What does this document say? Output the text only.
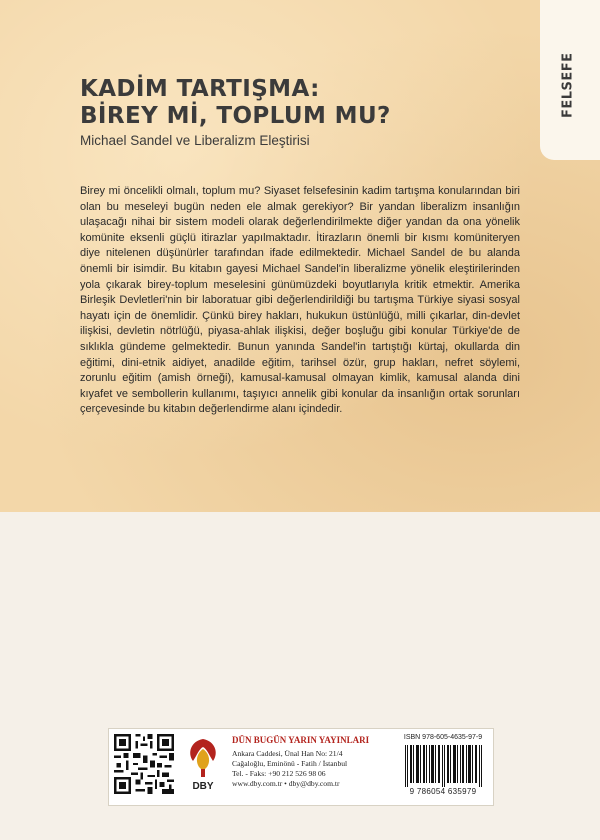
FELSEFE
KADİM TARTIŞMA:
BİREY Mİ, TOPLUM MU?
Michael Sandel ve Liberalizm Eleştirisi
Birey mi öncelikli olmalı, toplum mu? Siyaset felsefesinin kadim tartışma konularından biri olan bu meseleyi bugün neden ele almak gerekiyor? Bir yandan liberalizm insanlığın ulaşacağı nihai bir sistem modeli olarak değerlendirilmekte diğer yandan da ona yönelik komünite eksenli güçlü itirazlar yapılmaktadır. İtirazların önemli bir kısmı komüniteryen diye nitelenen düşünürler tarafından ifade edilmektedir. Michael Sandel de bu alanda önemli bir isimdir. Bu kitabın gayesi Michael Sandel'in liberalizme yönelik eleştirilerinden yola çıkarak birey-toplum meselesini günümüzdeki boyutlarıyla kritik etmektir. Amerika Birleşik Devletleri'nin bir laboratuar gibi değerlendirildiği bu tartışma Türkiye siyasi sosyal hayatı için de önemlidir. Çünkü birey hakları, hukukun üstünlüğü, milli çıkarlar, din-devlet ilişkisi, devletin nötrlüğü, piyasa-ahlak ilişkisi, değer boşluğu gibi konular Türkiye'de de sıklıkla gündeme gelmektedir. Bunun yanında Sandel'in tartıştığı kürtaj, okullarda din eğitimi, dini-etnik aidiyet, anadilde eğitim, tarihsel özür, grup hakları, nefret söylemi, zorunlu eğitim (amish örneği), kamusal-kamusal olmayan kimlik, kamusal alanda dini kıyafet ve sembollerin kullanımı, taşıyıcı annelik gibi konular da insanlığın ortak sorunları çerçevesinde bu kitabın değerlendirme alanı içindedir.
DBY
DÜN BUGÜN YARIN YAYINLARI
Ankara Caddesi, Ünal Han No: 21/4
Cağaloğlu, Eminönü - Fatih / İstanbul
Tel. - Faks: +90 212 526 98 06
www.dby.com.tr • dby@dby.com.tr
ISBN 978-605-4635-97-9
9 786054 635979
